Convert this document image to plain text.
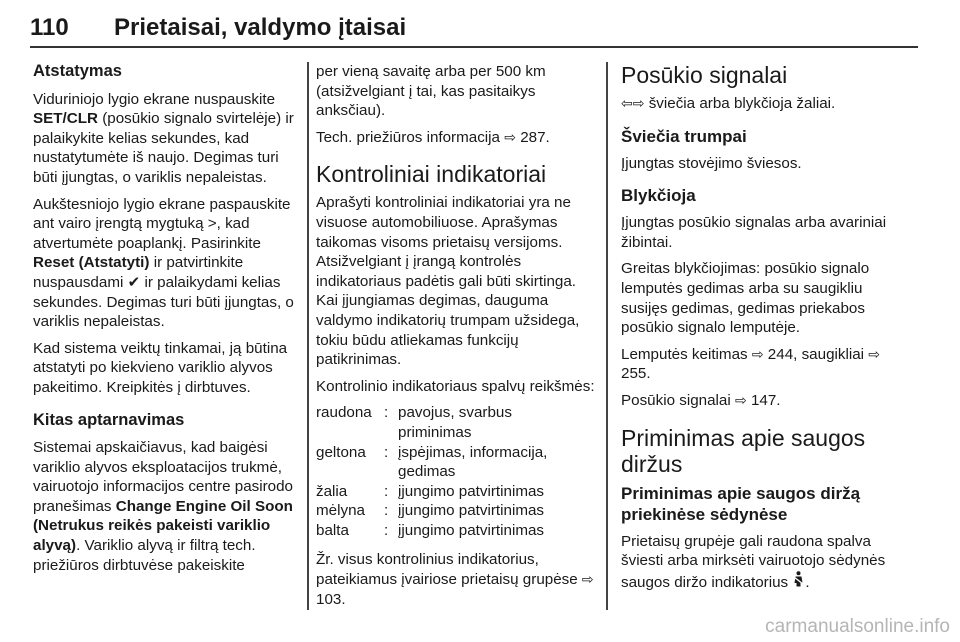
110 Prietaisai, valdymo įtaisai
Atstatymas

Viduriniojo lygio ekrane nuspauskite SET/CLR (posūkio signalo svirtelėje) ir palaikykite kelias sekundes, kad nustatytumėte iš naujo. Degimas turi būti įjungtas, o variklis nepaleistas.

Aukštesniojo lygio ekrane paspauskite ant vairo įrengtą mygtuką >, kad atvertumėte poaplankį. Pasirinkite Reset (Atstatyti) ir patvirtinkite nuspausdami ✔ ir palaikydami kelias sekundes. Degimas turi būti įjungtas, o variklis nepaleistas.

Kad sistema veiktų tinkamai, ją būtina atstatyti po kiekvieno variklio alyvos pakeitimo. Kreipkitės į dirbtuves.

Kitas aptarnavimas

Sistemai apskaičiavus, kad baigėsi variklio alyvos eksploatacijos trukmė, vairuotojo informacijos centre pasirodo pranešimas Change Engine Oil Soon (Netrukus reikės pakeisti variklio alyvą). Variklio alyvą ir filtrą tech. priežiūros dirbtuvėse pakeiskite

per vieną savaitę arba per 500 km (atsižvelgiant į tai, kas pasitaikys anksčiau).

Tech. priežiūros informacija ⇨ 287.

Kontroliniai indikatoriai

Aprašyti kontroliniai indikatoriai yra ne visuose automobiliuose. Aprašymas taikomas visoms prietaisų versijoms. Atsižvelgiant į įrangą kontrolės indikatoriaus padėtis gali būti skirtinga. Kai įjungiamas degimas, dauguma valdymo indikatorių trumpam užsidega, tokiu būdu atliekamas funkcijų patikrinimas.

Kontrolinio indikatoriaus spalvų reikšmės:

raudona	:	pavojus, svarbus priminimas
geltona	:	įspėjimas, informacija, gedimas
žalia	:	įjungimo patvirtinimas
mėlyna	:	įjungimo patvirtinimas
balta	:	įjungimo patvirtinimas

Žr. visus kontrolinius indikatorius, pateikiamus įvairiose prietaisų grupėse ⇨ 103.

Posūkio signalai

⇦⇨ šviečia arba blykčioja žaliai.

Šviečia trumpai

Įjungtas stovėjimo šviesos.

Blykčioja

Įjungtas posūkio signalas arba avariniai žibintai.

Greitas blykčiojimas: posūkio signalo lemputės gedimas arba su saugikliu susijęs gedimas, gedimas priekabos posūkio signalo lemputėje.

Lemputės keitimas ⇨ 244, saugikliai ⇨ 255.

Posūkio signalai ⇨ 147.

Priminimas apie saugos diržus
Priminimas apie saugos diržą priekinėse sėdynėse

Prietaisų grupėje gali raudona spalva šviesti arba mirksėti vairuotojo sėdynės saugos diržo indikatorius .

carmanualsonline.info
